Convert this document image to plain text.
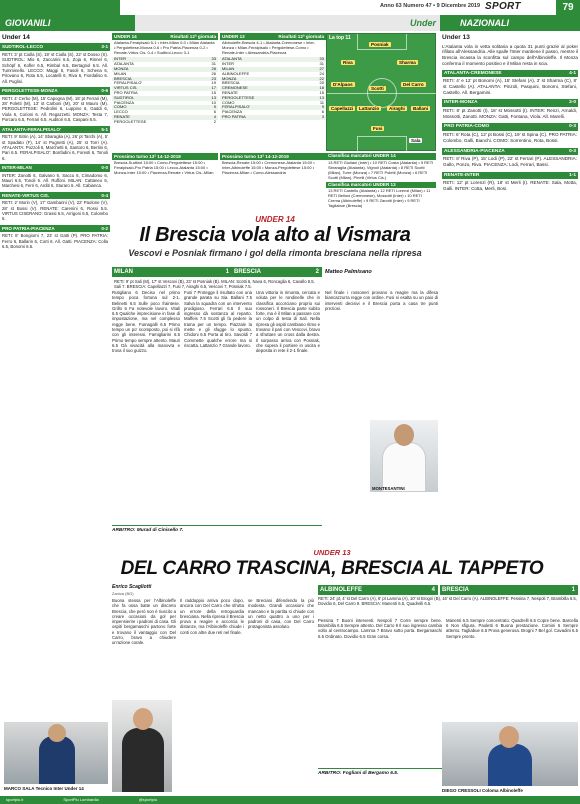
Anno 63 Numero 47 • 9 Dicembre 2019 SPORT	79
GIOVANILI	Under	NAZIONALI
Under 14
SUDTIROL-LECCO	3-1
RETI: 3' pt Ciulla (S), 19' st Ciulla (S), 22' st Dosso (S). SUDTIROL: Mio 6, Zaccarini 6.5, Zoja 6, Rinnel 6, Schöpf 6, Kofler 6.5, Rimbal 6.5, Bertagnol 6.5. All. Tumminello. LECCO: Maggi 6, Fasoli 6, Schena 6, Pirovano 6, Rota 6.5, Locatelli 6, Riva 6, Fiordaliso 6. All. Puglisi.
PERGOLETTESE-MONZA	0-6
RETI: 4' Cerbo (M), 15' Capogna (M), 18' pt Ferrari (M), 28' Poletti (M), 13' st Carboni (M), 20' st Mauro (M). PERGOLETTESE: Pedrolini 6, Luppino 6, Gaddi 6, Viola 6, Corioni 6. All. Regazzetti. MONZA: Testa 7, Porcaro 6.5, Ferrari 6.5, Auditori 6.5, Caspani 6.5.
ATALANTA-FERALPISALO'	5-1
RETI: 9' Sitrin (A), 14' Sbaraglia (A), 26' pt Tarchi (A), 5' st Spadato (F), 14' st Pugnetti (A), 25' st Torri (A). ATALANTA: Pozzoli 6, Marchetti 6, Santoro 6, Bertini 6, Pari 6.5. FERALPISALO': Bonfadini 6, Foresti 6, Tonoli 6.
INTER-MILAN	0-0
INTER: Zanotti 6, Galvano 6, Saccu 6, Cimadomo 6, Mauri 6.5, Tonoli 6. All. Ruffoni. MILAN: Cattaneo 6, Marchesi 6, Ferri 6, Arditi 6, Sturaro 6. All. Cabianca.
RENATE-VIRTUS CIS.	0-4
RETI: 2' Morin (V), 17' Gambarini (V), 22' Paolone (V), 28' st Bossi (V). RENATE: Carenini 6, Rossi 5.5. VIRTUS CISERANO: Grassi 6.5, Arrigoni 6.5, Colombo 6.
PRO PATRIA-PIACENZA	0-2
RETI: 8' Bongiorni 7, 23' st Gatti (P). PRO PATRIA: Ferro 6, Ballarin 6, Corti 6. All. Gatti. PIACENZA: Colla 6.5, Bonomi 6.5.
MARCO SALA Tecnico Inter Under 14
UNDER 14	Risultati 12ª giornata
Atalanta-Feralpisalò 5-1 • Inter-Milan 0-0 • Milan Atalanta • Pergolettese-Monza 0-6 • Pro Patria-Piacenza 0-2 • Renate-Virtus Cis. 0-4 • Sudtirol-Lecco 3-1
INTER	33
ATALANTA	31
MONZA	28
MILAN	26
BRESCIA	23
FERALPISALO'	19
VIRTUS CIS.	17
PRO PATRIA	15
SUDTIROL	13
PIACENZA	10
COMO	9
LECCO	6
RENATE	4
PERGOLETTESE	2
UNDER 13	Risultati 12ª giornata
Albinoleffe-Brescia 4-1 • Atalanta-Cremonese • Inter-Monza • Milan-Feralpisalò • Pergolettese-Como • Renate-Inter • Alessandria-Piacenza
ATALANTA	33
INTER	31
MILAN	27
ALBINOLEFFE	24
MONZA	22
BRESCIA	20
CREMONESE	18
RENATE	15
PERGOLETTESE	13
COMO	11
FERALPISALO'	9
PIACENZA	6
PRO PATRIA	3
La top 11
Posniak
Riva	Sharma
D'Alpaos
Scotti
Del Carro
Capellazzi	Lattanzio	Airaghi	Ballani
Fusi
Sala
Prossimo turno 13ª 14-12-2019
Brescia-Sudtirol 15:00 • Como-Pergolettese 15:00 • Feralpisalò-Pro Patria 15:00 • Lecco-Atalanta 15:00 • Monza-Inter 15:00 • Piacenza-Renate • Virtus Cis.-Milan
Prossimo turno 13ª 14-12-2019
Brescia-Renate 15:00 • Cremonese-Atalanta 15:00 • Inter-Albinoleffe 15:00 • Monza-Pergolettese 15:00 • Piacenza-Milan • Como-Alessandria
Classifica marcatori UNDER 14
13 RETI Giuliani (Inter) • 10 RETI Costa (Atalanta) • 9 RETI Sbraraglia (Atalanta), Vignoli (Atalanta) • 8 RETI Scotti (Milan), Torre (Monza) • 7 RETI Poletti (Monza) • 6 RETI Scotti (Milan), Pinelli (Virtus Cis.)
Classifica marcatori UNDER 13
13 RETI Castello (Atalanta) • 12 RETI Lorenzi (Milan) • 11 RETI Belloni (Cremonese), Mossotti (Inter) • 10 RETI Crema (Albinoleffe) • 9 RETI Zanotti (Inter) • 9 RETI Tagliabue (Brescia)
UNDER 14
Il Brescia vola alto al Vismara
Vescovi e Posniak firmano i gol della rimonta bresciana nella ripresa
MILAN	1 BRESCIA	2 Matteo Palmisano
RETI: 9' pt Sali (M), 17' st Vescovi (B), 23' st Posniak (B). MILAN: Scotti 6, Nava 6, Roncaglia 6, Cavallo 6.5, Sali 7. BRESCIA: Capellazzi 7, Fusi 7, Airaghi 6.5, Vescovi 7, Posniak 7.5.
Rutigliano 6 Deciso nel primo tempo poca fortuna sul 2-1. Belinetti 6.5 Sulle poco fraintese. Grillo 6 Fa notevole lavoro. Vitali 6.5 Qualche imprecisione in fase di impostazione, ma nel complesso regge bene. Fumagalli 6.5 Primo tempo un po' scomposto, poi si rifà con gli interessi. Famigliarini 6.5 Primo tempo sempre attento. Mauri 6.5 Dà vivacità alla manovra e trova il suo guizzo.
Fusi 7 Protegge il risultato con una grande parata su Sia. Ballani 7.5 Salva la squadra con un intervento prodigioso. Ferrari 6.5 Il suo ingresso dà sostanza al reparto. Maffeis 7.5 Scotti gli fa pedere la trama per un tempo. Piazzale la mette e gli sfugge lo spunto. Chidoni 6.5 Porta al tiro. Savoldi 7 Commette qualche errore ma si riscatta. Lattanzio 7 Grande lavoro.
Una vittoria in rimonta, cercata e voluta per le rondinelle che in classifica accorciano proprio sui rossoneri. Il Brescia parte subito forte, ma è il Milan a passare con un colpo di testa di Sali. Nella ripresa gli ospiti cambiano ritmo e trovano il pari con Vescovi, bravo a sfruttare un cross dalla destra. Il sorpasso arriva con Posniak, che supera il portiere in uscita e deposita in rete il 2-1 finale.
Nel finale i rossoneri provano a reagire ma la difesa biancazzurra regge con ordine. Fusi si esalta su un paio di interventi decisivi e il Brescia porta a casa tre punti preziosi.
MONTESANTINI
ARBITRO: Murad di Cinisello 7.
UNDER 13
DEL CARRO TRASCINA, BRESCIA AL TAPPETO
Enrico Scagliotti
Zanica (BG)
Buona stessa per l'Albinoleffe che fa ossa batte un discreto Brescia, che però non è riuscito a creare occasioni da gol per impensierire i padroni di casa. Gli ospiti bergamaschi partono forte e trovano il vantaggio con Del Carro, bravo a chiudere un'azione corale.
Il raddoppio arriva poco dopo, ancora con Del Carro che sfrutta un errore della retroguardia bresciana. Nella ripresa il Brescia prova a reagire e accorcia le distanze, ma l'Albinoleffe chiude i conti con altre due reti nel finale.
se Breciani difendendo la più modesta. Grandi occasioni che mancano e la partita si chiude con un netto quattro a uno per i padroni di casa, con Del Carro protagonista assoluto.
ALBINOLEFFE	4	BRESCIA	1
RETI: 24' pt, 4' st Del Carro (A), 6' pt Lamma (A), 10' st Brogni (B), 16' st Del Carro (A). ALBINOLEFFE: Pessina 7, Nespoli 7, Brambilla 6.5, Dovidio 6, Del Carro 9. BRESCIA: Manenti 6.5, Quadrelli 6.5.
Pessina 7 Buoni interventi. Nespoli 7 Corre sempre bene. Brambilla 6.5 Sempre attento. Del Carro 9 Il suo ingresso cambia volto al centrocampo. Lamma 7 Bravo sotto porta. Bergamaschi 6.5 Ordinato. Dovidio 6.5 Gran corsa.
Manenti 6.5 Sempre concentrato. Quadrelli 6.5 Copre bene. Barcella 6 Non sfigura. Paoletti 6 Buona prestazione. Comini 6 Sempre attento. Tagliabue 6.5 Prova generosa. Brogni 7 Bel gol. Cavadini 6.5 Sempre pronto.
ARBITRO: Fogliani di Bergamo 6.5.
Under 13
L'Atalanta vola in vetta solitaria a quota 31 punti grazie al poker rifilato all'Alessandria. Alle spalle l'Inter mantiene il passo, mentre il Brescia incassa la sconfitta sul campo dell'Albinoleffe. Il Monza conferma il momento positivo e il Milan resta in scia.
ATALANTA-CREMONESE	4-1
RETI: 4' e 12' pt Bonomi (A), 15' Stefani (A), 3' st Sharma (C), 8' st Castello (A). ATALANTA: Pinzoli, Pasquini, Bonomi, Stefani, Castello. All. Bergamini.
INTER-MONZA	2-0
RETI: 8' pt Zanotti (I), 18' st Mossotti (I). INTER: Renzi, Arnaldi, Mossotti, Zanotti. MONZA: Gatti, Fontana, Viola. All. Marelli.
PRO PATRIA-COMO	0-3
RETI: 6' Rota (C), 12' pt Bossi (C), 19' st Spina (C). PRO PATRIA: Colombo, Galli, Bianchi. COMO: Sorrentino, Rota, Bossi.
ALESSANDRIA-PIACENZA	0-3
RETI: 8' Riva (P), 15' Lodi (P), 22' st Ferrari (P). ALESSANDRIA: Gallo, Ponzo, Riva. PIACENZA: Lodi, Ferrari, Bassi.
RENATE-INTER	1-1
RETI: 12' pt Lorenzi (R), 18' st Merli (I). RENATE: Sala, Motta, Galli. INTER: Cotta, Merli, Bosi.
DIEGO CRESSOLI Coloma Albinoleffe
sportpiu.it	SportPiu Lombardia	@sportpiu
